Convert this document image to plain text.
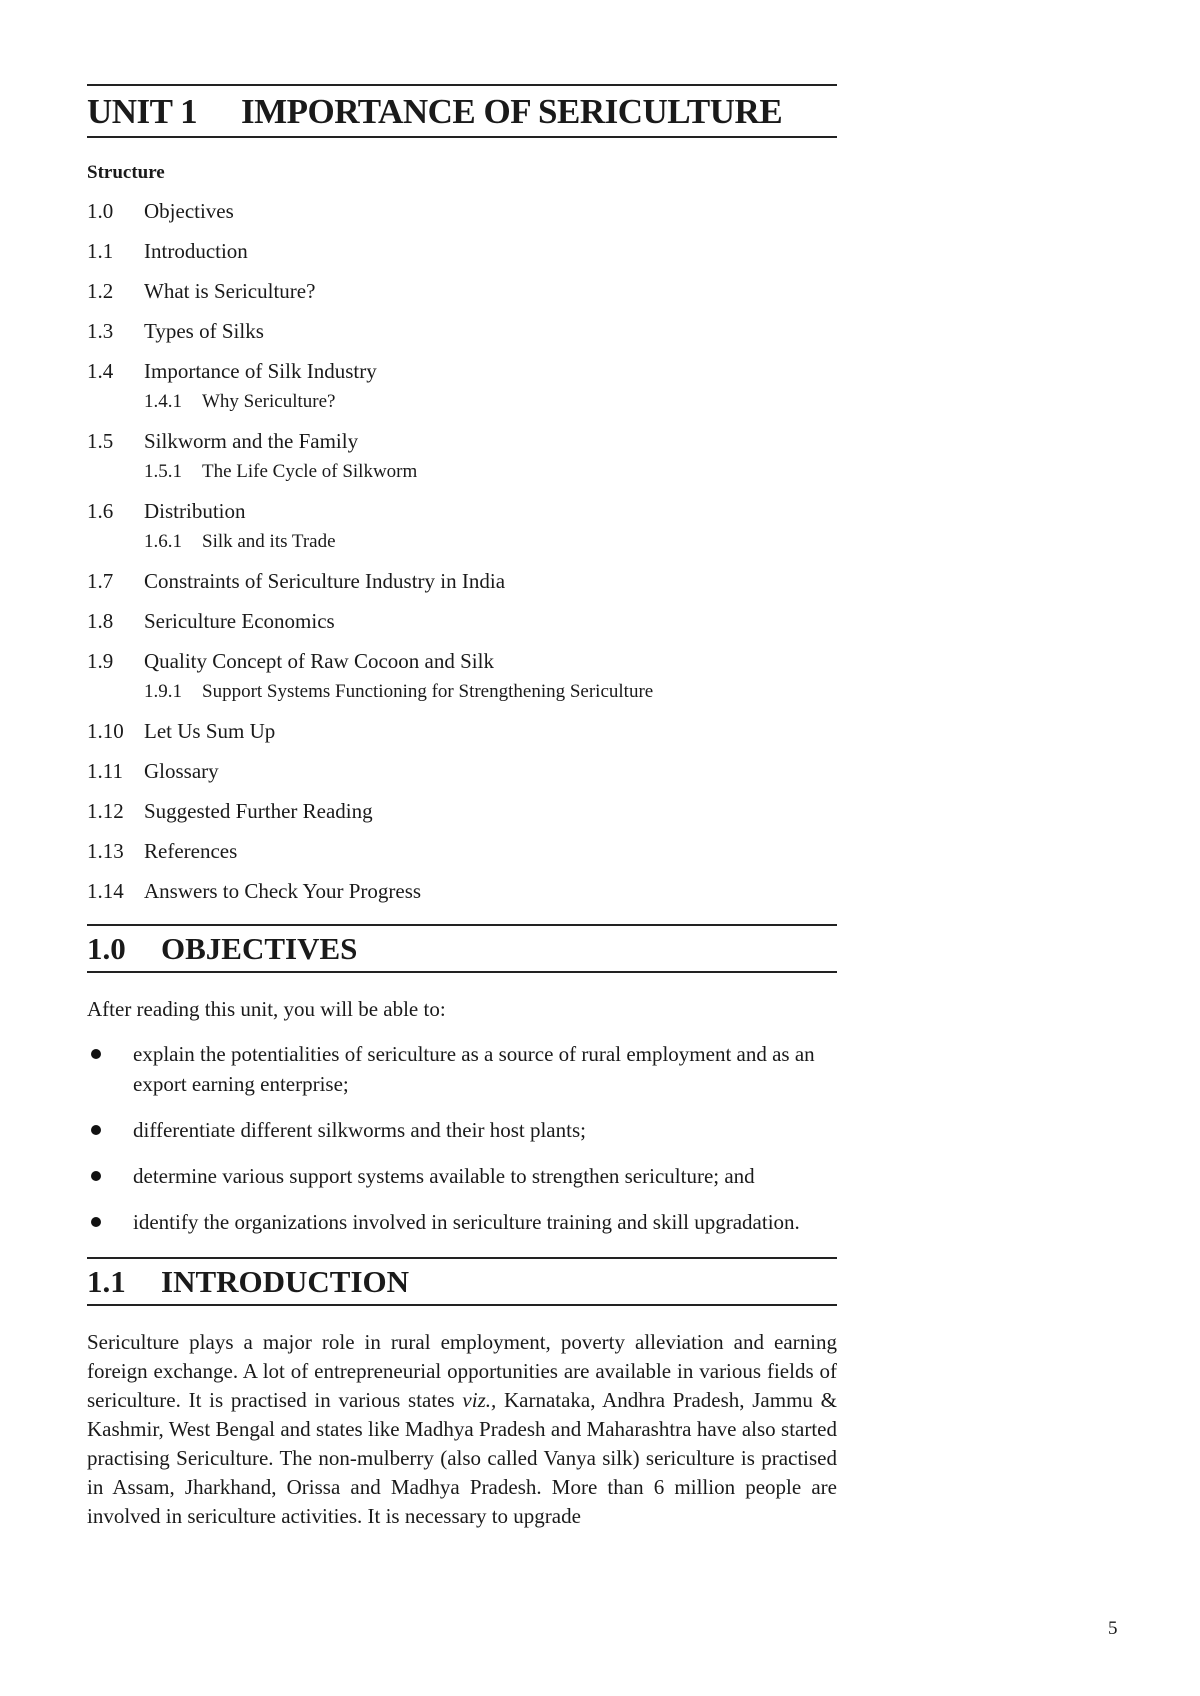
UNIT 1 IMPORTANCE OF SERICULTURE
Structure
1.0 Objectives
1.1 Introduction
1.2 What is Sericulture?
1.3 Types of Silks
1.4 Importance of Silk Industry
1.4.1 Why Sericulture?
1.5 Silkworm and the Family
1.5.1 The Life Cycle of Silkworm
1.6 Distribution
1.6.1 Silk and its Trade
1.7 Constraints of Sericulture Industry in India
1.8 Sericulture Economics
1.9 Quality Concept of Raw Cocoon and Silk
1.9.1 Support Systems Functioning for Strengthening Sericulture
1.10 Let Us Sum Up
1.11 Glossary
1.12 Suggested Further Reading
1.13 References
1.14 Answers to Check Your Progress
1.0 OBJECTIVES
After reading this unit, you will be able to:
explain the potentialities of sericulture as a source of rural employment and as an export earning enterprise;
differentiate different silkworms and their host plants;
determine various support systems available to strengthen sericulture; and
identify the organizations involved in sericulture training and skill upgradation.
1.1 INTRODUCTION

Sericulture plays a major role in rural employment, poverty alleviation and earning foreign exchange. A lot of entrepreneurial opportunities are available in various fields of sericulture. It is practised in various states viz., Karnataka, Andhra Pradesh, Jammu & Kashmir, West Bengal and states like Madhya Pradesh and Maharashtra have also started practising Sericulture. The non-mulberry (also called Vanya silk) sericulture is practised in Assam, Jharkhand, Orissa and Madhya Pradesh. More than 6 million people are involved in sericulture activities. It is necessary to upgrade

5
